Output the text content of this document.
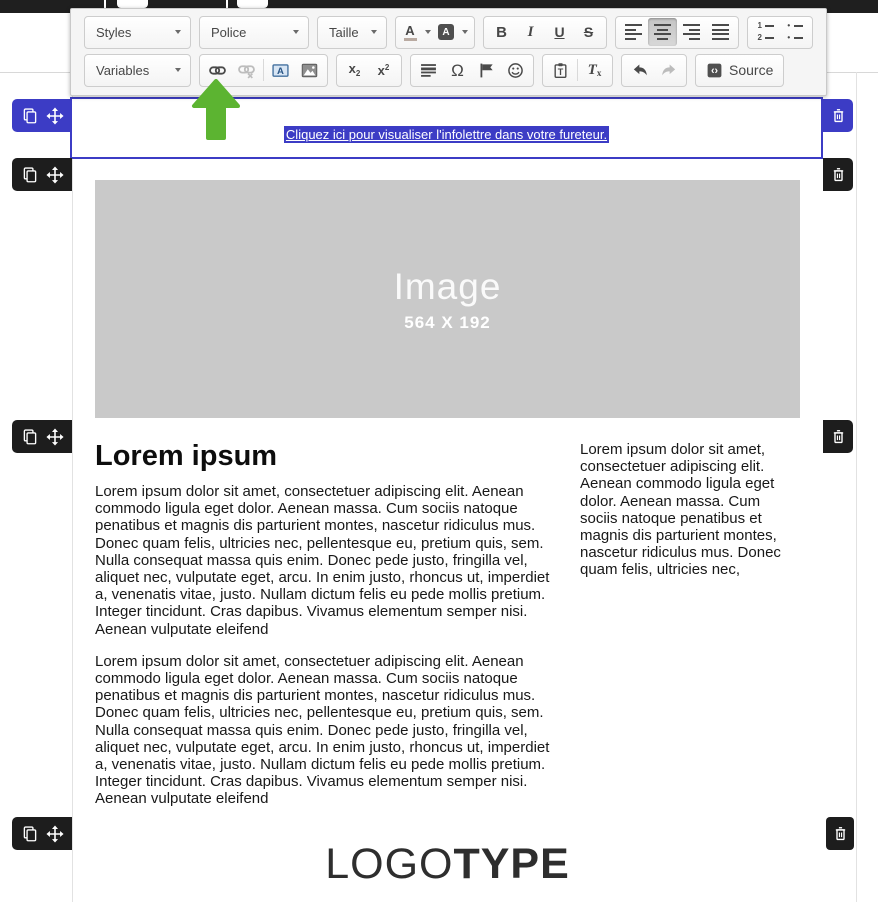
Styles	Police	Taille	A	A	B I U S	1
2
•
•
Variables	A	$x_2$ $x^2$	Ω	T Tx	‹› Source
Cliquez ici pour visualiser l'infolettre dans votre fureteur.
Image
564 X 192
Lorem ipsum

Lorem ipsum dolor sit amet, consectetuer adipiscing elit. Aenean commodo ligula eget dolor. Aenean massa. Cum sociis natoque penatibus et magnis dis parturient montes, nascetur ridiculus mus. Donec quam felis, ultricies nec, pellentesque eu, pretium quis, sem. Nulla consequat massa quis enim. Donec pede justo, fringilla vel, aliquet nec, vulputate eget, arcu. In enim justo, rhoncus ut, imperdiet a, venenatis vitae, justo. Nullam dictum felis eu pede mollis pretium. Integer tincidunt. Cras dapibus. Vivamus elementum semper nisi. Aenean vulputate eleifend

Lorem ipsum dolor sit amet, consectetuer adipiscing elit. Aenean commodo ligula eget dolor. Aenean massa. Cum sociis natoque penatibus et magnis dis parturient montes, nascetur ridiculus mus. Donec quam felis, ultricies nec, pellentesque eu, pretium quis, sem. Nulla consequat massa quis enim. Donec pede justo, fringilla vel, aliquet nec, vulputate eget, arcu. In enim justo, rhoncus ut, imperdiet a, venenatis vitae, justo. Nullam dictum felis eu pede mollis pretium. Integer tincidunt. Cras dapibus. Vivamus elementum semper nisi. Aenean vulputate eleifend

Lorem ipsum dolor sit amet, consectetuer adipiscing elit. Aenean commodo ligula eget dolor. Aenean massa. Cum sociis natoque penatibus et magnis dis parturient montes, nascetur ridiculus mus. Donec quam felis, ultricies nec,

LOGOTYPE
